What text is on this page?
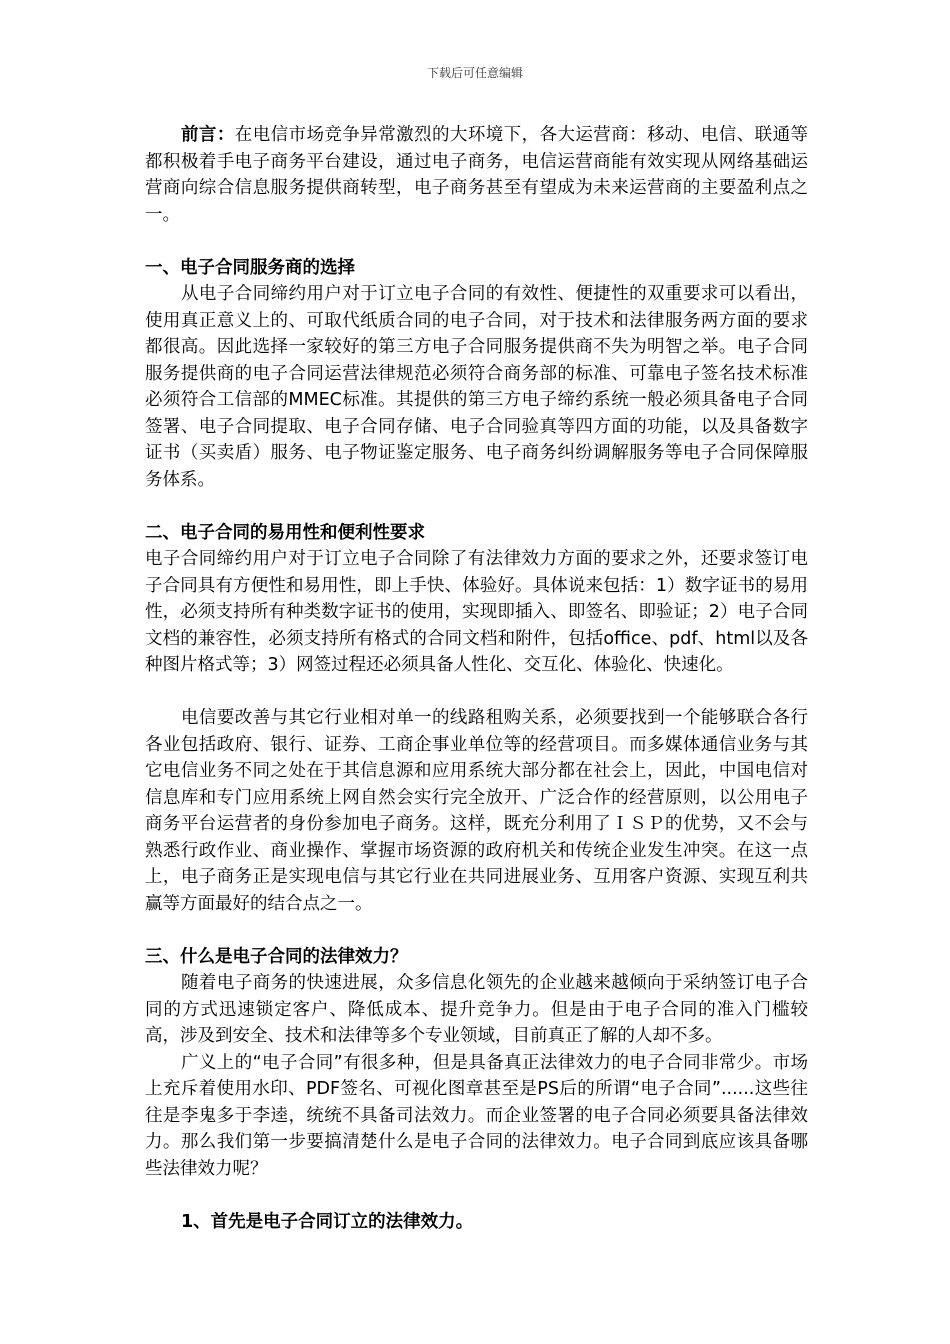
下载后可任意编辑

前言：在电信市场竞争异常激烈的大环境下，各大运营商：移动、电信、联通等都积极着手电子商务平台建设，通过电子商务，电信运营商能有效实现从网络基础运营商向综合信息服务提供商转型，电子商务甚至有望成为未来运营商的主要盈利点之一。

一、电子合同服务商的选择

从电子合同缔约用户对于订立电子合同的有效性、便捷性的双重要求可以看出，使用真正意义上的、可取代纸质合同的电子合同，对于技术和法律服务两方面的要求都很高。因此选择一家较好的第三方电子合同服务提供商不失为明智之举。电子合同服务提供商的电子合同运营法律规范必须符合商务部的标准、可靠电子签名技术标准必须符合工信部的MMEC标准。其提供的第三方电子缔约系统一般必须具备电子合同签署、电子合同提取、电子合同存储、电子合同验真等四方面的功能，以及具备数字证书（买卖盾）服务、电子物证鉴定服务、电子商务纠纷调解服务等电子合同保障服务体系。

二、电子合同的易用性和便利性要求

电子合同缔约用户对于订立电子合同除了有法律效力方面的要求之外，还要求签订电子合同具有方便性和易用性，即上手快、体验好。具体说来包括：1）数字证书的易用性，必须支持所有种类数字证书的使用，实现即插入、即签名、即验证；2）电子合同文档的兼容性，必须支持所有格式的合同文档和附件，包括office、pdf、html以及各种图片格式等；3）网签过程还必须具备人性化、交互化、体验化、快速化。

电信要改善与其它行业相对单一的线路租购关系，必须要找到一个能够联合各行各业包括政府、银行、证券、工商企事业单位等的经营项目。而多媒体通信业务与其它电信业务不同之处在于其信息源和应用系统大部分都在社会上，因此，中国电信对信息库和专门应用系统上网自然会实行完全放开、广泛合作的经营原则，以公用电子商务平台运营者的身份参加电子商务。这样，既充分利用了ＩＳＰ的优势，又不会与熟悉行政作业、商业操作、掌握市场资源的政府机关和传统企业发生冲突。在这一点上，电子商务正是实现电信与其它行业在共同进展业务、互用客户资源、实现互利共赢等方面最好的结合点之一。

三、什么是电子合同的法律效力？

随着电子商务的快速进展，众多信息化领先的企业越来越倾向于采纳签订电子合同的方式迅速锁定客户、降低成本、提升竞争力。但是由于电子合同的准入门槛较高，涉及到安全、技术和法律等多个专业领域，目前真正了解的人却不多。

广义上的“电子合同”有很多种，但是具备真正法律效力的电子合同非常少。市场上充斥着使用水印、PDF签名、可视化图章甚至是PS后的所谓“电子合同”......这些往往是李鬼多于李逵，统统不具备司法效力。而企业签署的电子合同必须要具备法律效力。那么我们第一步要搞清楚什么是电子合同的法律效力。电子合同到底应该具备哪些法律效力呢？

1、首先是电子合同订立的法律效力。
